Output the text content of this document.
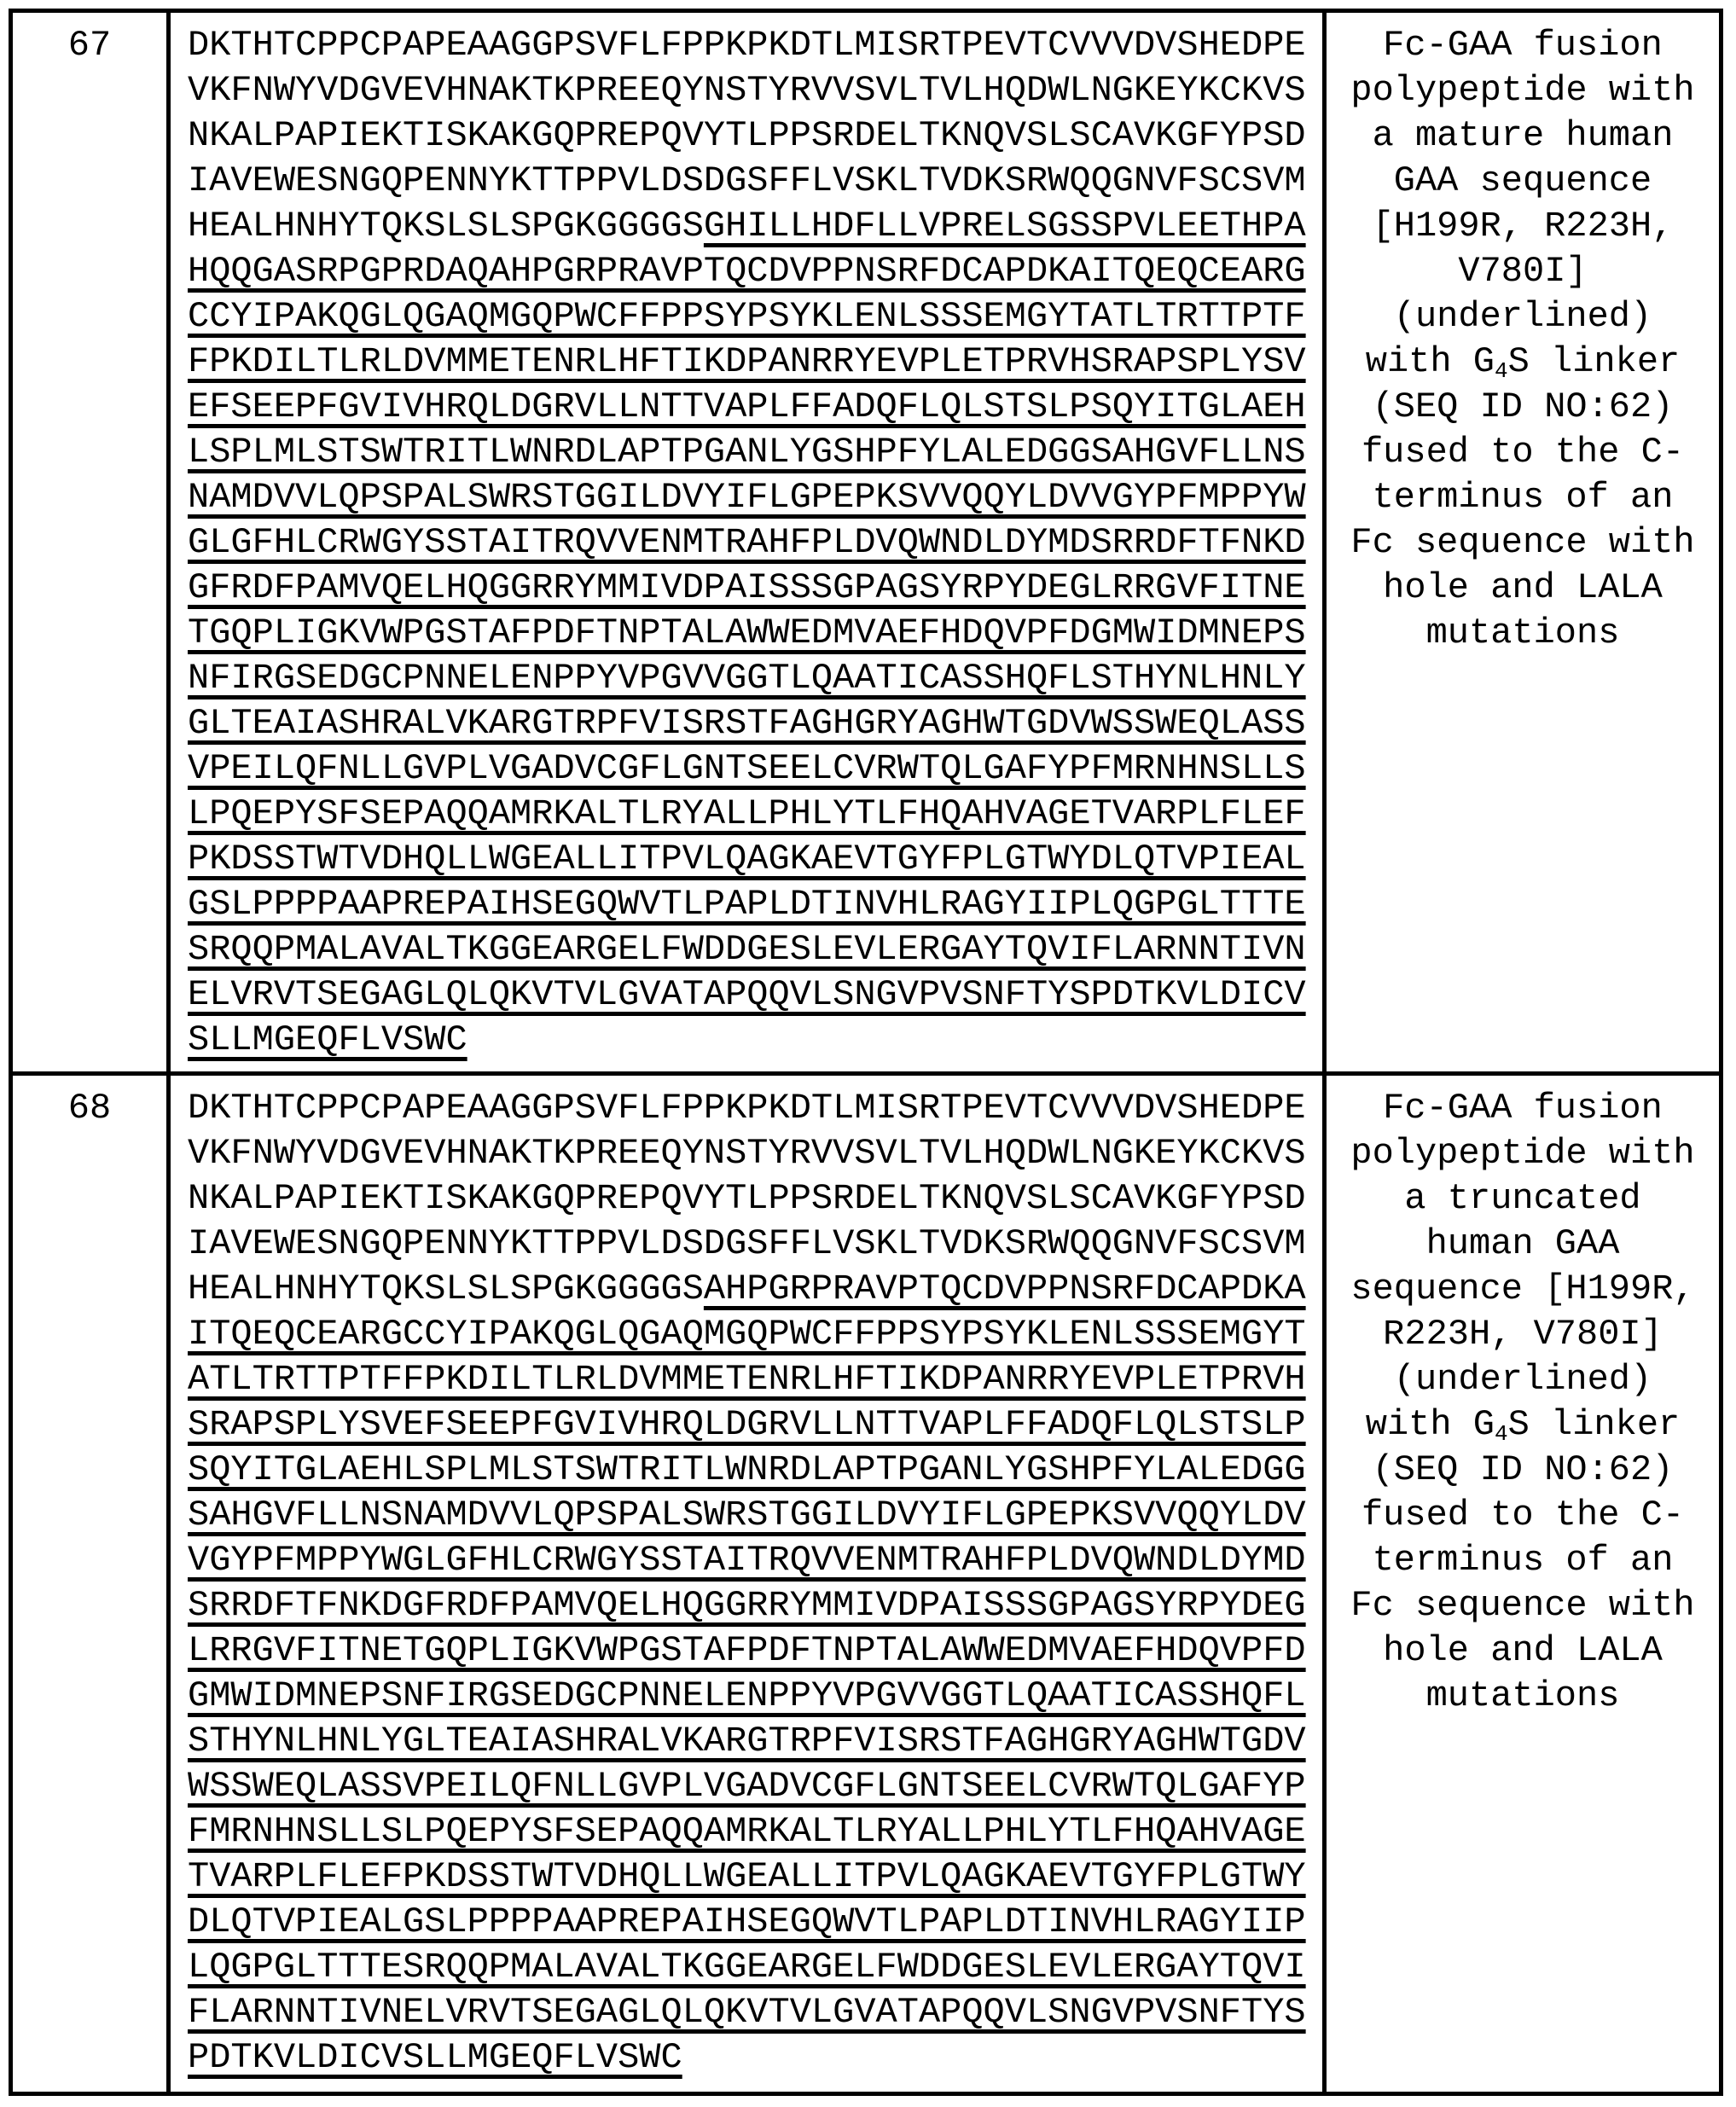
67	DKTHTCPPCPAPEAAGGPSVFLFPPKPKDTLMISRTPEVTCVVVDVSHEDPE
VKFNWYVDGVEVHNAKTKPREEQYNSTYRVVSVLTVLHQDWLNGKEYKCKVS
NKALPAPIEKTISKAKGQPREPQVYTLPPSRDELTKNQVSLSCAVKGFYPSD
IAVEWESNGQPENNYKTTPPVLDSDGSFFLVSKLTVDKSRWQQGNVFSCSVM
HEALHNHYTQKSLSLSPGKGGGGSGHILLHDFLLVPRELSGSSPVLEETHPA
HQQGASRPGPRDAQAHPGRPRAVPTQCDVPPNSRFDCAPDKAITQEQCEARG
CCYIPAKQGLQGAQMGQPWCFFPPSYPSYKLENLSSSEMGYTATLTRTTPTF
FPKDILTLRLDVMMETENRLHFTIKDPANRRYEVPLETPRVHSRAPSPLYSV
EFSEEPFGVIVHRQLDGRVLLNTTVAPLFFADQFLQLSTSLPSQYITGLAEH
LSPLMLSTSWTRITLWNRDLAPTPGANLYGSHPFYLALEDGGSAHGVFLLNS
NAMDVVLQPSPALSWRSTGGILDVYIFLGPEPKSVVQQYLDVVGYPFMPPYW
GLGFHLCRWGYSSTAITRQVVENMTRAHFPLDVQWNDLDYMDSRRDFTFNKD
GFRDFPAMVQELHQGGRRYMMIVDPAISSSGPAGSYRPYDEGLRRGVFITNE
TGQPLIGKVWPGSTAFPDFTNPTALAWWEDMVAEFHDQVPFDGMWIDMNEPS
NFIRGSEDGCPNNELENPPYVPGVVGGTLQAATICASSHQFLSTHYNLHNLY
GLTEAIASHRALVKARGTRPFVISRSTFAGHGRYAGHWTGDVWSSWEQLASS
VPEILQFNLLGVPLVGADVCGFLGNTSEELCVRWTQLGAFYPFMRNHNSLLS
LPQEPYSFSEPAQQAMRKALTLRYALLPHLYTLFHQAHVAGETVARPLFLEF
PKDSSTWTVDHQLLWGEALLITPVLQAGKAEVTGYFPLGTWYDLQTVPIEAL
GSLPPPPAAPREPAIHSEGQWVTLPAPLDTINVHLRAGYIIPLQGPGLTTTE
SRQQPMALAVALTKGGEARGELFWDDGESLEVLERGAYTQVIFLARNNTIVN
ELVRVTSEGAGLQLQKVTVLGVATAPQQVLSNGVPVSNFTYSPDTKVLDICV
SLLMGEQFLVSWC
Fc-GAA fusion
polypeptide with
a mature human
GAA sequence
[H199R, R223H,
V780I]
(underlined)
with $G_4S$ linker
(SEQ ID NO:62)
fused to the C-
terminus of an
Fc sequence with
hole and LALA
mutations
68	DKTHTCPPCPAPEAAGGPSVFLFPPKPKDTLMISRTPEVTCVVVDVSHEDPE
VKFNWYVDGVEVHNAKTKPREEQYNSTYRVVSVLTVLHQDWLNGKEYKCKVS
NKALPAPIEKTISKAKGQPREPQVYTLPPSRDELTKNQVSLSCAVKGFYPSD
IAVEWESNGQPENNYKTTPPVLDSDGSFFLVSKLTVDKSRWQQGNVFSCSVM
HEALHNHYTQKSLSLSPGKGGGGSAHPGRPRAVPTQCDVPPNSRFDCAPDKA
ITQEQCEARGCCYIPAKQGLQGAQMGQPWCFFPPSYPSYKLENLSSSEMGYT
ATLTRTTPTFFPKDILTLRLDVMMETENRLHFTIKDPANRRYEVPLETPRVH
SRAPSPLYSVEFSEEPFGVIVHRQLDGRVLLNTTVAPLFFADQFLQLSTSLP
SQYITGLAEHLSPLMLSTSWTRITLWNRDLAPTPGANLYGSHPFYLALEDGG
SAHGVFLLNSNAMDVVLQPSPALSWRSTGGILDVYIFLGPEPKSVVQQYLDV
VGYPFMPPYWGLGFHLCRWGYSSTAITRQVVENMTRAHFPLDVQWNDLDYMD
SRRDFTFNKDGFRDFPAMVQELHQGGRRYMMIVDPAISSSGPAGSYRPYDEG
LRRGVFITNETGQPLIGKVWPGSTAFPDFTNPTALAWWEDMVAEFHDQVPFD
GMWIDMNEPSNFIRGSEDGCPNNELENPPYVPGVVGGTLQAATICASSHQFL
STHYNLHNLYGLTEAIASHRALVKARGTRPFVISRSTFAGHGRYAGHWTGDV
WSSWEQLASSVPEILQFNLLGVPLVGADVCGFLGNTSEELCVRWTQLGAFYP
FMRNHNSLLSLPQEPYSFSEPAQQAMRKALTLRYALLPHLYTLFHQAHVAGE
TVARPLFLEFPKDSSTWTVDHQLLWGEALLITPVLQAGKAEVTGYFPLGTWY
DLQTVPIEALGSLPPPPAAPREPAIHSEGQWVTLPAPLDTINVHLRAGYIIP
LQGPGLTTTESRQQPMALAVALTKGGEARGELFWDDGESLEVLERGAYTQVI
FLARNNTIVNELVRVTSEGAGLQLQKVTVLGVATAPQQVLSNGVPVSNFTYS
PDTKVLDICVSLLMGEQFLVSWC
Fc-GAA fusion
polypeptide with
a truncated
human GAA
sequence [H199R,
R223H, V780I]
(underlined)
with $G_4S$ linker
(SEQ ID NO:62)
fused to the C-
terminus of an
Fc sequence with
hole and LALA
mutations
